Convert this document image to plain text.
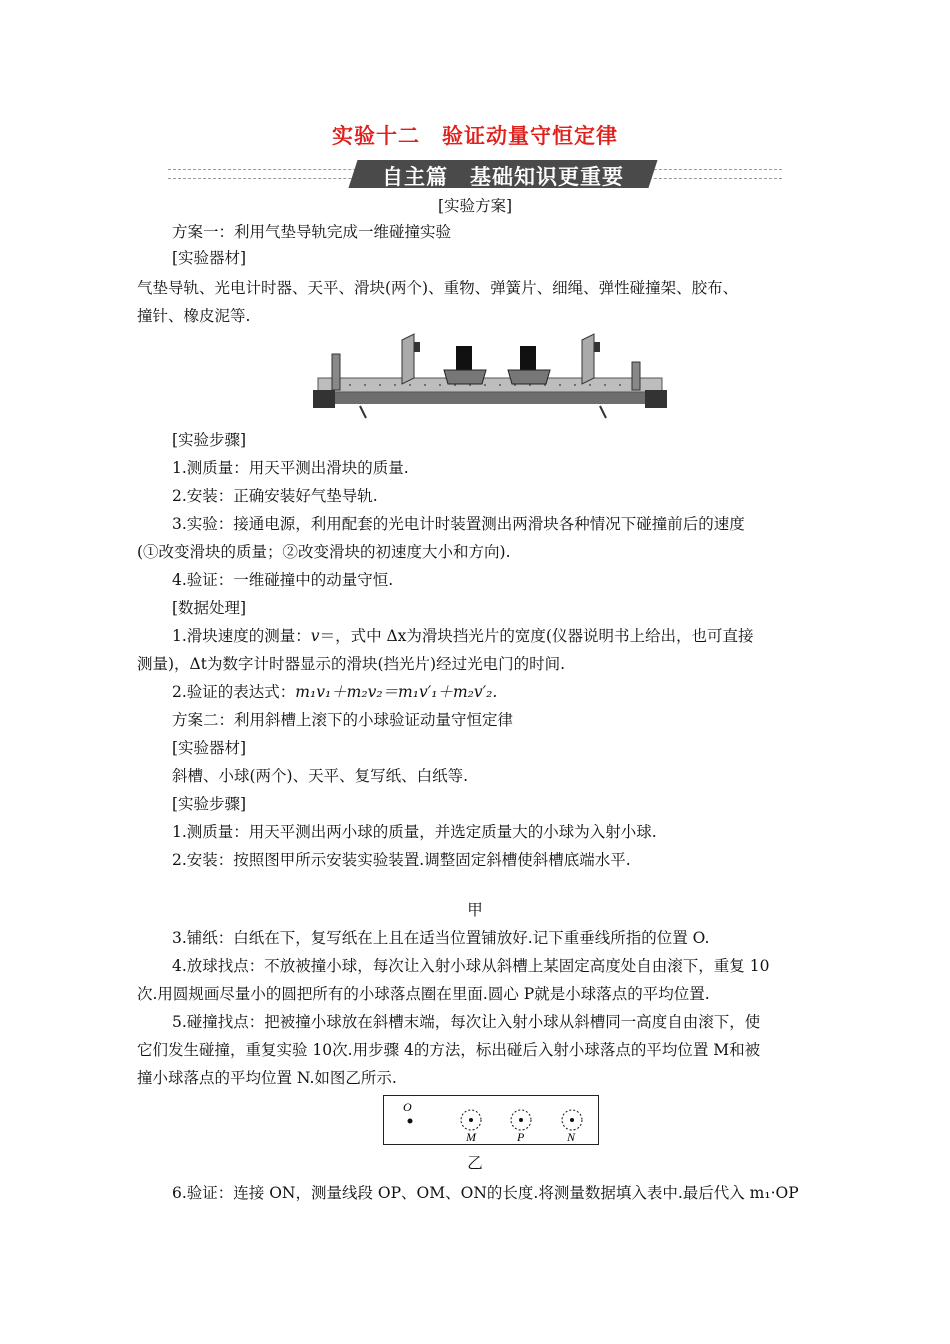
实验十二　验证动量守恒定律
自主篇　基础知识更重要
[实验方案]
方案一：利用气垫导轨完成一维碰撞实验
[实验器材]
气垫导轨、光电计时器、天平、滑块(两个)、重物、弹簧片、细绳、弹性碰撞架、胶布、
撞针、橡皮泥等.
[实验步骤]
1.测质量：用天平测出滑块的质量.
2.安装：正确安装好气垫导轨.
3.实验：接通电源，利用配套的光电计时装置测出两滑块各种情况下碰撞前后的速度
(①改变滑块的质量；②改变滑块的初速度大小和方向).
4.验证：一维碰撞中的动量守恒.
[数据处理]
1.滑块速度的测量：v＝，式中 Δx为滑块挡光片的宽度(仪器说明书上给出，也可直接
测量)，Δt为数字计时器显示的滑块(挡光片)经过光电门的时间.
2.验证的表达式：m₁v₁＋m₂v₂＝m₁v′₁＋m₂v′₂.
方案二：利用斜槽上滚下的小球验证动量守恒定律
[实验器材]
斜槽、小球(两个)、天平、复写纸、白纸等.
[实验步骤]
1.测质量：用天平测出两小球的质量，并选定质量大的小球为入射小球.
2.安装：按照图甲所示安装实验装置.调整固定斜槽使斜槽底端水平.
甲
3.铺纸：白纸在下，复写纸在上且在适当位置铺放好.记下重垂线所指的位置 O.
4.放球找点：不放被撞小球，每次让入射小球从斜槽上某固定高度处自由滚下，重复 10
次.用圆规画尽量小的圆把所有的小球落点圈在里面.圆心 P就是小球落点的平均位置.
5.碰撞找点：把被撞小球放在斜槽末端，每次让入射小球从斜槽同一高度自由滚下，使
它们发生碰撞，重复实验 10次.用步骤 4的方法，标出碰后入射小球落点的平均位置 M和被
撞小球落点的平均位置 N.如图乙所示.
O
M	P	N
乙
6.验证：连接 ON，测量线段 OP、OM、ON的长度.将测量数据填入表中.最后代入 m₁·OP
